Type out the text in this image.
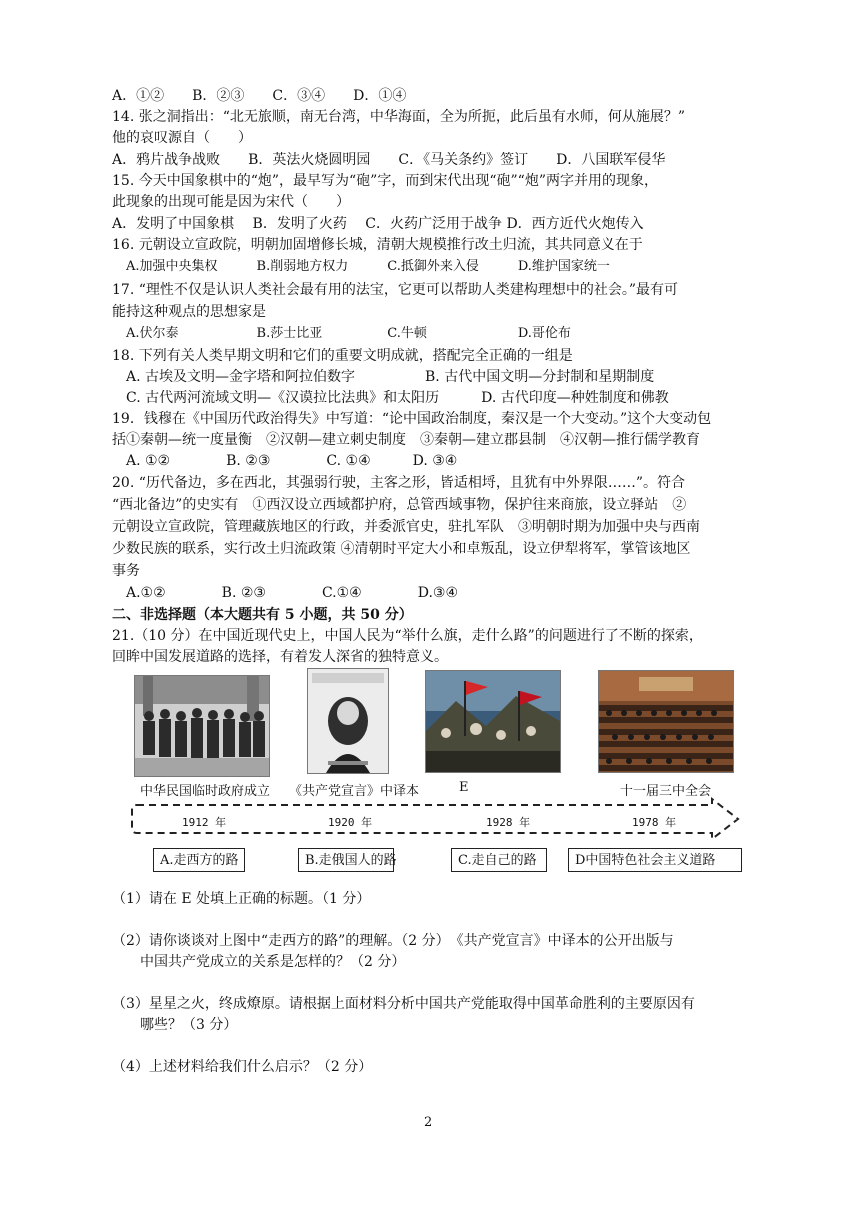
A．①②　　B．②③　　C．③④　　D．①④
14. 张之洞指出：“北无旅顺，南无台湾，中华海面，全为所扼，此后虽有水师，何从施展？”
他的哀叹源自（　　）
A．鸦片战争战败　　B．英法火烧圆明园　　C．《马关条约》签订　　D．八国联军侵华
15. 今天中国象棋中的“炮”，最早写为“砲”字，而到宋代出现“砲”“炮”两字并用的现象，
此现象的出现可能是因为宋代（　　）
A．发明了中国象棋　 B．发明了火药　 C．火药广泛用于战争 D．西方近代火炮传入
16. 元朝设立宣政院，明朝加固增修长城，清朝大规模推行改土归流，其共同意义在于
A.加强中央集权　　　B.削弱地方权力　　　C.抵御外来入侵　　　D.维护国家统一
17. “理性不仅是认识人类社会最有用的法宝，它更可以帮助人类建构理想中的社会。”最有可
能持这种观点的思想家是
A.伏尔泰　　　　　　B.莎士比亚　　　　　C.牛顿　　　　　　　D.哥伦布
18. 下列有关人类早期文明和它们的重要文明成就，搭配完全正确的一组是
A. 古埃及文明—金字塔和阿拉伯数字　　　　　B. 古代中国文明—分封制和星期制度
C. 古代两河流域文明—《汉谟拉比法典》和太阳历　　　D. 古代印度—种姓制度和佛教
19．钱穆在《中国历代政治得失》中写道：“论中国政治制度，秦汉是一个大变动。”这个大变动包
括①秦朝—统一度量衡　②汉朝—建立刺史制度　③秦朝—建立郡县制　④汉朝—推行儒学教育
A. ①②　　　　B. ②③　　　　C. ①④　　　D. ③④
20. “历代备边，多在西北，其强弱行驶，主客之形，皆适相埒，且犹有中外界限……”。符合
“西北备边”的史实有　①西汉设立西域都护府，总管西域事物，保护往来商旅，设立驿站　②
元朝设立宣政院，管理藏族地区的行政，并委派官史，驻扎军队　③明朝时期为加强中央与西南
少数民族的联系，实行改土归流政策 ④清朝时平定大小和卓叛乱，设立伊犁将军，掌管该地区
事务
A.①②　　　　B. ②③　　　　C.①④　　　　D.③④
二、非选择题（本大题共有 5 小题，共 50 分）
21.（10 分）在中国近现代史上，中国人民为“举什么旗，走什么路”的问题进行了不断的探索，
回眸中国发展道路的选择，有着发人深省的独特意义。
中华民国临时政府成立 《共产党宣言》中译本	E	十一届三中全会
1912 年	1920 年	1928 年	1978 年
A.走西方的路	B.走俄国人的路	C.走自己的路	D中国特色社会主义道路
（1）请在 E 处填上正确的标题。（1 分）
（2）请你谈谈对上图中“走西方的路”的理解。（2 分）　《共产党宣言》中译本的公开出版与
中国共产党成立的关系是怎样的？（2 分）
（3）星星之火，终成燎原。请根据上面材料分析中国共产党能取得中国革命胜利的主要原因有
哪些？（3 分）
（4）上述材料给我们什么启示？（2 分）
2
